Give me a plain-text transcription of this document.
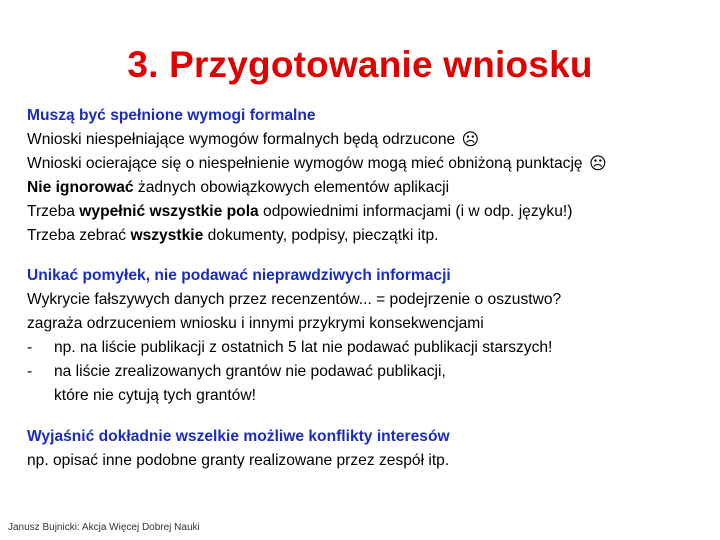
3. Przygotowanie wniosku
Muszą być spełnione wymogi formalne
Wnioski niespełniające wymogów formalnych będą odrzucone ☹
Wnioski ocierające się o niespełnienie wymogów mogą mieć obniżoną punktację ☹
Nie ignorować żadnych obowiązkowych elementów aplikacji
Trzeba wypełnić wszystkie pola odpowiednimi informacjami (i w odp. języku!)
Trzeba zebrać wszystkie dokumenty, podpisy, pieczątki itp.
Unikać pomyłek, nie podawać nieprawdziwych informacji
Wykrycie fałszywych danych przez recenzentów... = podejrzenie o oszustwo?
zagraża odrzuceniem wniosku i innymi przykrymi konsekwencjami
-	np. na liście publikacji z ostatnich 5 lat nie podawać publikacji starszych!
-	na liście zrealizowanych grantów nie podawać publikacji,
które nie cytują tych grantów!
Wyjaśnić dokładnie wszelkie możliwe konflikty interesów
np. opisać inne podobne granty realizowane przez zespół itp.
Janusz Bujnicki: Akcja Więcej Dobrej Nauki
